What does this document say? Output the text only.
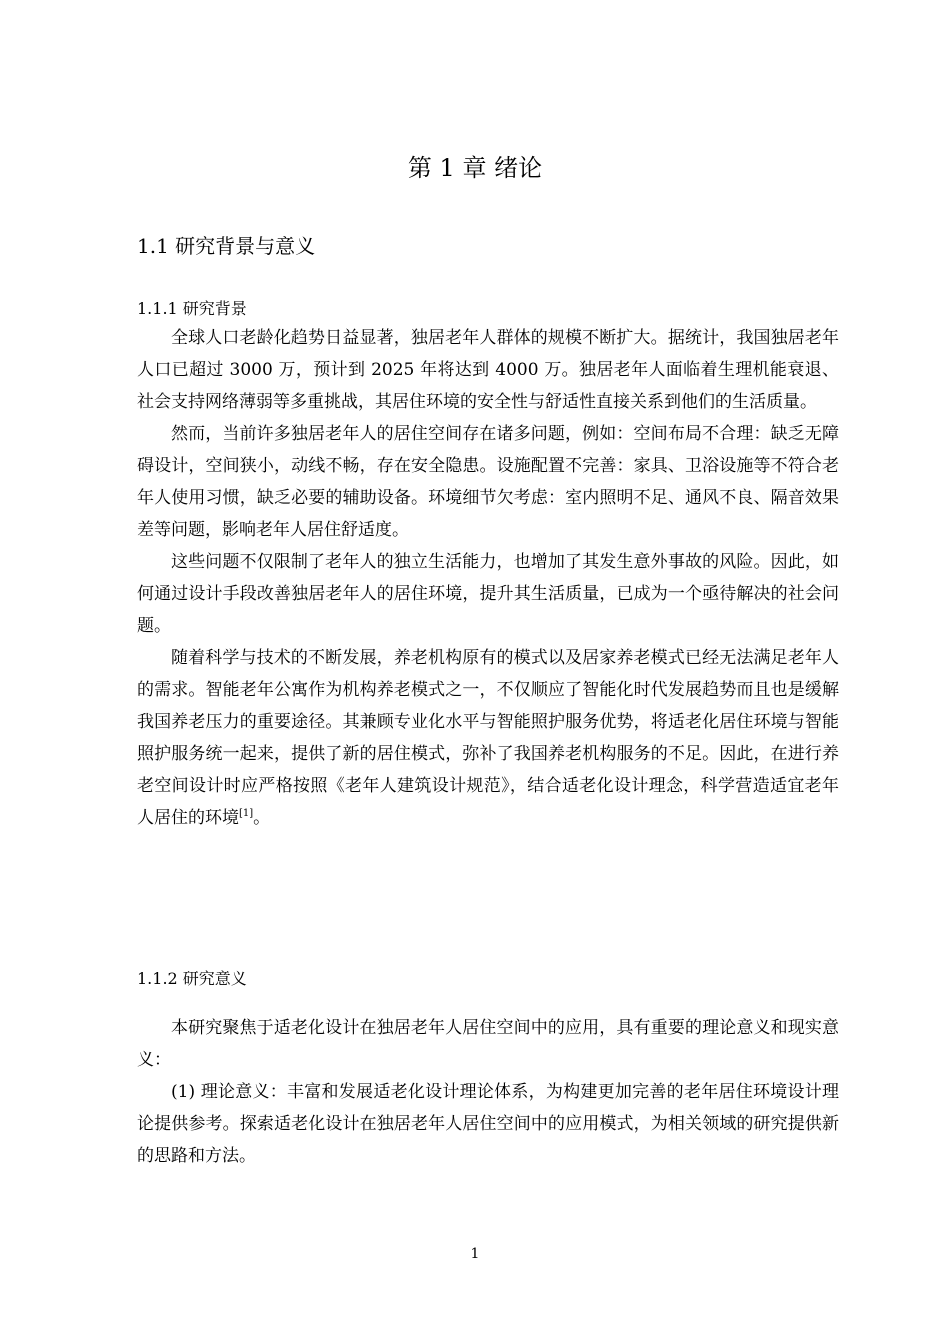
第 1 章 绪论
1.1 研究背景与意义
1.1.1 研究背景

全球人口老龄化趋势日益显著，独居老年人群体的规模不断扩大。据统计，我国独居老年人口已超过 3000 万，预计到 2025 年将达到 4000 万。独居老年人面临着生理机能衰退、社会支持网络薄弱等多重挑战，其居住环境的安全性与舒适性直接关系到他们的生活质量。

然而，当前许多独居老年人的居住空间存在诸多问题，例如：空间布局不合理：缺乏无障碍设计，空间狭小，动线不畅，存在安全隐患。设施配置不完善：家具、卫浴设施等不符合老年人使用习惯，缺乏必要的辅助设备。环境细节欠考虑：室内照明不足、通风不良、隔音效果差等问题，影响老年人居住舒适度。

这些问题不仅限制了老年人的独立生活能力，也增加了其发生意外事故的风险。因此，如何通过设计手段改善独居老年人的居住环境，提升其生活质量，已成为一个亟待解决的社会问题。

随着科学与技术的不断发展，养老机构原有的模式以及居家养老模式已经无法满足老年人的需求。智能老年公寓作为机构养老模式之一，不仅顺应了智能化时代发展趋势而且也是缓解我国养老压力的重要途径。其兼顾专业化水平与智能照护服务优势，将适老化居住环境与智能照护服务统一起来，提供了新的居住模式，弥补了我国养老机构服务的不足。因此，在进行养老空间设计时应严格按照《老年人建筑设计规范》，结合适老化设计理念，科学营造适宜老年人居住的环境[1]。

1.1.2 研究意义

本研究聚焦于适老化设计在独居老年人居住空间中的应用，具有重要的理论意义和现实意义：

(1) 理论意义：丰富和发展适老化设计理论体系，为构建更加完善的老年居住环境设计理论提供参考。探索适老化设计在独居老年人居住空间中的应用模式，为相关领域的研究提供新的思路和方法。

1
